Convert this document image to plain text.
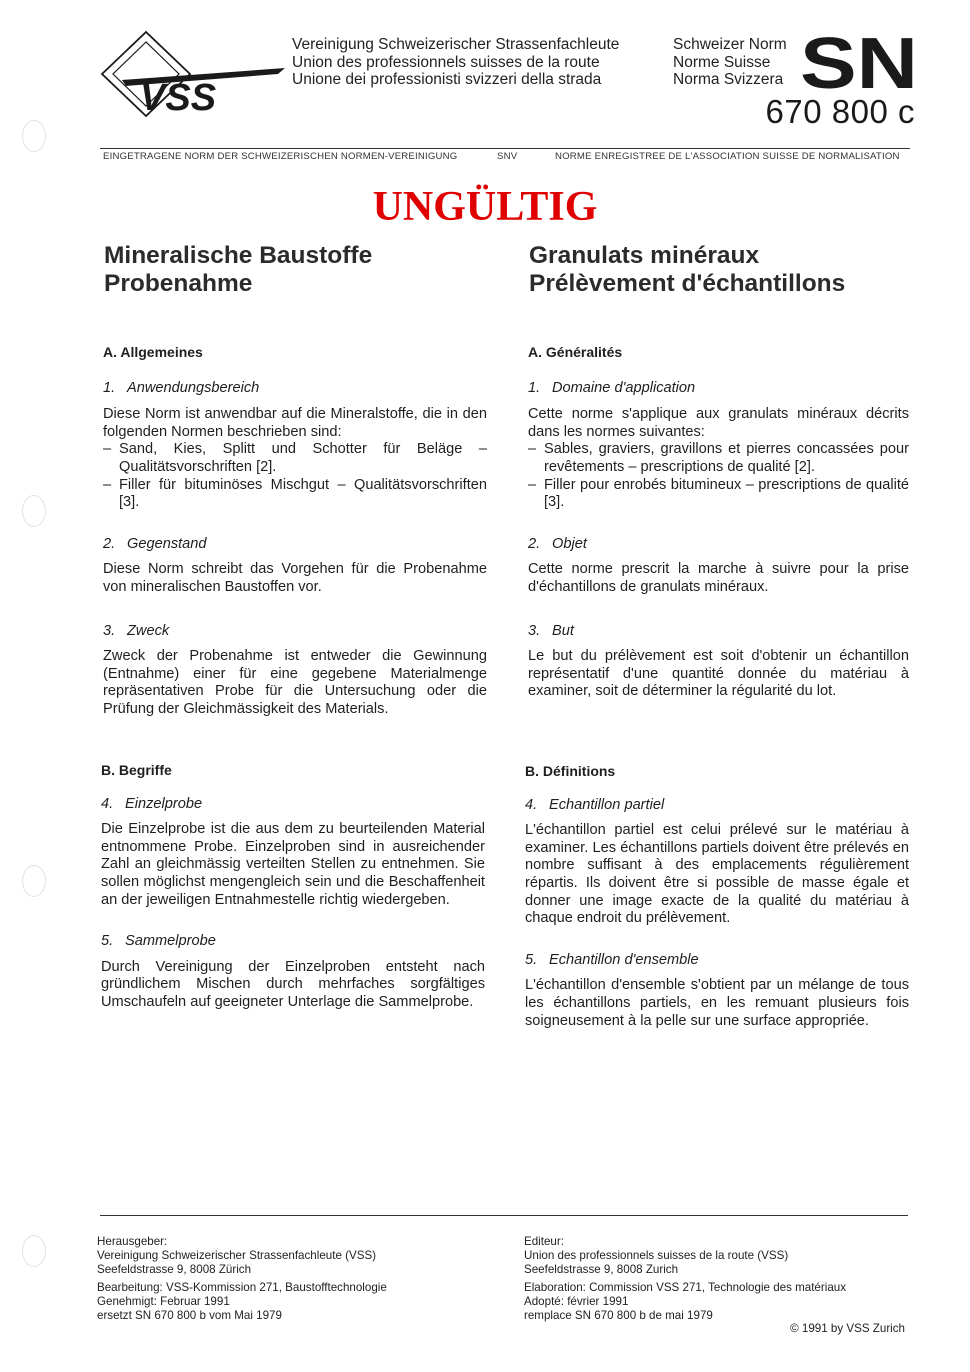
VSS
Vereinigung Schweizerischer Strassenfachleute
Union des professionnels suisses de la route
Unione dei professionisti svizzeri della strada
Schweizer Norm
Norme Suisse
Norma Svizzera SN
670 800 c
EINGETRAGENE NORM DER SCHWEIZERISCHEN NORMEN-VEREINIGUNG	SNV	NORME ENREGISTREE DE L'ASSOCIATION SUISSE DE NORMALISATION
UNGÜLTIG
Mineralische Baustoffe
Probenahme
Granulats minéraux
Prélèvement d'échantillons
A. Allgemeines
1. Anwendungsbereich

Diese Norm ist anwendbar auf die Mineralstoffe, die in den folgenden Normen beschrieben sind:

– Sand, Kies, Splitt und Schotter für Beläge – Qualitätsvorschriften [2].
– Filler für bituminöses Mischgut – Qualitätsvorschriften [3].
2. Gegenstand

Diese Norm schreibt das Vorgehen für die Probenahme von mineralischen Baustoffen vor.

3. Zweck

Zweck der Probenahme ist entweder die Gewinnung (Entnahme) einer für eine gegebene Materialmenge repräsentativen Probe für die Untersuchung oder die Prüfung der Gleichmässigkeit des Materials.

B. Begriffe
4. Einzelprobe

Die Einzelprobe ist die aus dem zu beurteilenden Material entnommene Probe. Einzelproben sind in ausreichender Zahl an gleichmässig verteilten Stellen zu entnehmen. Sie sollen möglichst mengengleich sein und die Beschaffenheit an der jeweiligen Entnahmestelle richtig wiedergeben.

5. Sammelprobe

Durch Vereinigung der Einzelproben entsteht nach gründlichem Mischen durch mehrfaches sorgfältiges Umschaufeln auf geeigneter Unterlage die Sammelprobe.

A. Généralités
1. Domaine d'application

Cette norme s'applique aux granulats minéraux décrits dans les normes suivantes:

– Sables, graviers, gravillons et pierres concassées pour revêtements – prescriptions de qualité [2].
– Filler pour enrobés bitumineux – prescriptions de qualité [3].
2. Objet

Cette norme prescrit la marche à suivre pour la prise d'échantillons de granulats minéraux.

3. But

Le but du prélèvement est soit d'obtenir un échantillon représentatif d'une quantité donnée du matériau à examiner, soit de déterminer la régularité du lot.

B. Définitions
4. Echantillon partiel

L'échantillon partiel est celui prélevé sur le matériau à examiner. Les échantillons partiels doivent être prélevés en nombre suffisant à des emplacements régulièrement répartis. Ils doivent être si possible de masse égale et donner une image exacte de la qualité du matériau à chaque endroit du prélèvement.

5. Echantillon d'ensemble

L'échantillon d'ensemble s'obtient par un mélange de tous les échantillons partiels, en les remuant plusieurs fois soigneusement à la pelle sur une surface appropriée.

Herausgeber:
Vereinigung Schweizerischer Strassenfachleute (VSS)
Seefeldstrasse 9, 8008 Zürich
Bearbeitung: VSS-Kommission 271, Baustofftechnologie
Genehmigt: Februar 1991
ersetzt SN 670 800 b vom Mai 1979
Editeur:
Union des professionnels suisses de la route (VSS)
Seefeldstrasse 9, 8008 Zurich
Elaboration: Commission VSS 271, Technologie des matériaux
Adopté: février 1991
remplace SN 670 800 b de mai 1979
© 1991 by VSS Zurich
